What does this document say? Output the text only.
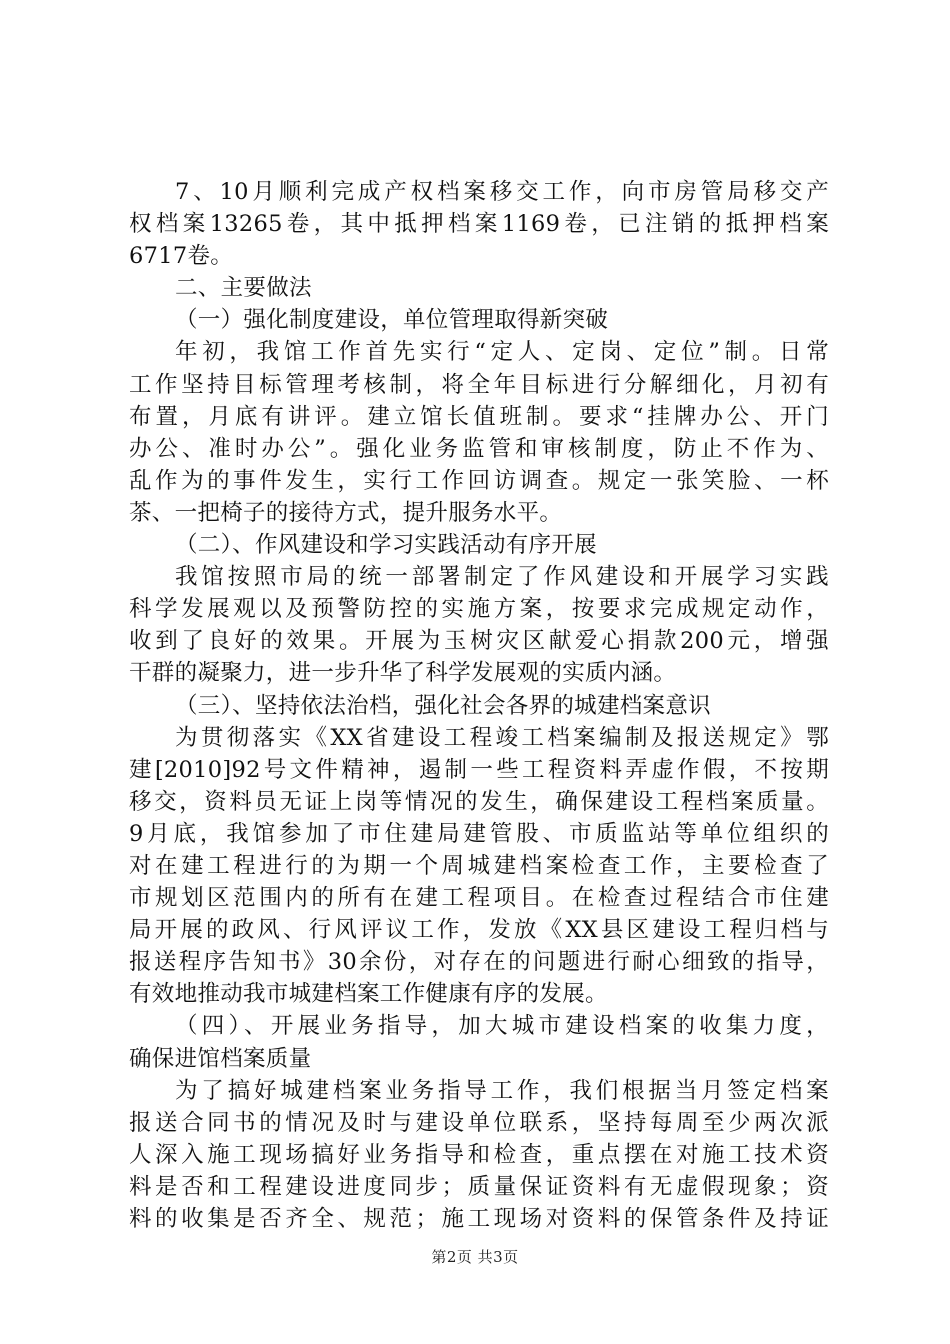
7、10月顺利完成产权档案移交工作，向市房管局移交产
权档案13265卷，其中抵押档案1169卷，已注销的抵押档案
6717卷。
二、主要做法
（一）强化制度建设，单位管理取得新突破
年初，我馆工作首先实行“定人、定岗、定位”制。日常
工作坚持目标管理考核制，将全年目标进行分解细化，月初有
布置，月底有讲评。建立馆长值班制。要求“挂牌办公、开门
办公、准时办公”。强化业务监管和审核制度，防止不作为、
乱作为的事件发生，实行工作回访调查。规定一张笑脸、一杯
茶、一把椅子的接待方式，提升服务水平。
（二）、作风建设和学习实践活动有序开展
我馆按照市局的统一部署制定了作风建设和开展学习实践
科学发展观以及预警防控的实施方案，按要求完成规定动作，
收到了良好的效果。开展为玉树灾区献爱心捐款200元，增强
干群的凝聚力，进一步升华了科学发展观的实质内涵。
（三）、坚持依法治档，强化社会各界的城建档案意识
为贯彻落实《XX省建设工程竣工档案编制及报送规定》鄂
建[2010]92号文件精神，遏制一些工程资料弄虚作假，不按期
移交，资料员无证上岗等情况的发生，确保建设工程档案质量。
9月底，我馆参加了市住建局建管股、市质监站等单位组织的
对在建工程进行的为期一个周城建档案检查工作，主要检查了
市规划区范围内的所有在建工程项目。在检查过程结合市住建
局开展的政风、行风评议工作，发放《XX县区建设工程归档与
报送程序告知书》30余份，对存在的问题进行耐心细致的指导，
有效地推动我市城建档案工作健康有序的发展。
（四）、开展业务指导，加大城市建设档案的收集力度，
确保进馆档案质量
为了搞好城建档案业务指导工作，我们根据当月签定档案
报送合同书的情况及时与建设单位联系，坚持每周至少两次派
人深入施工现场搞好业务指导和检查，重点摆在对施工技术资
料是否和工程建设进度同步；质量保证资料有无虚假现象；资
料的收集是否齐全、规范；施工现场对资料的保管条件及持证
第2页 共3页
